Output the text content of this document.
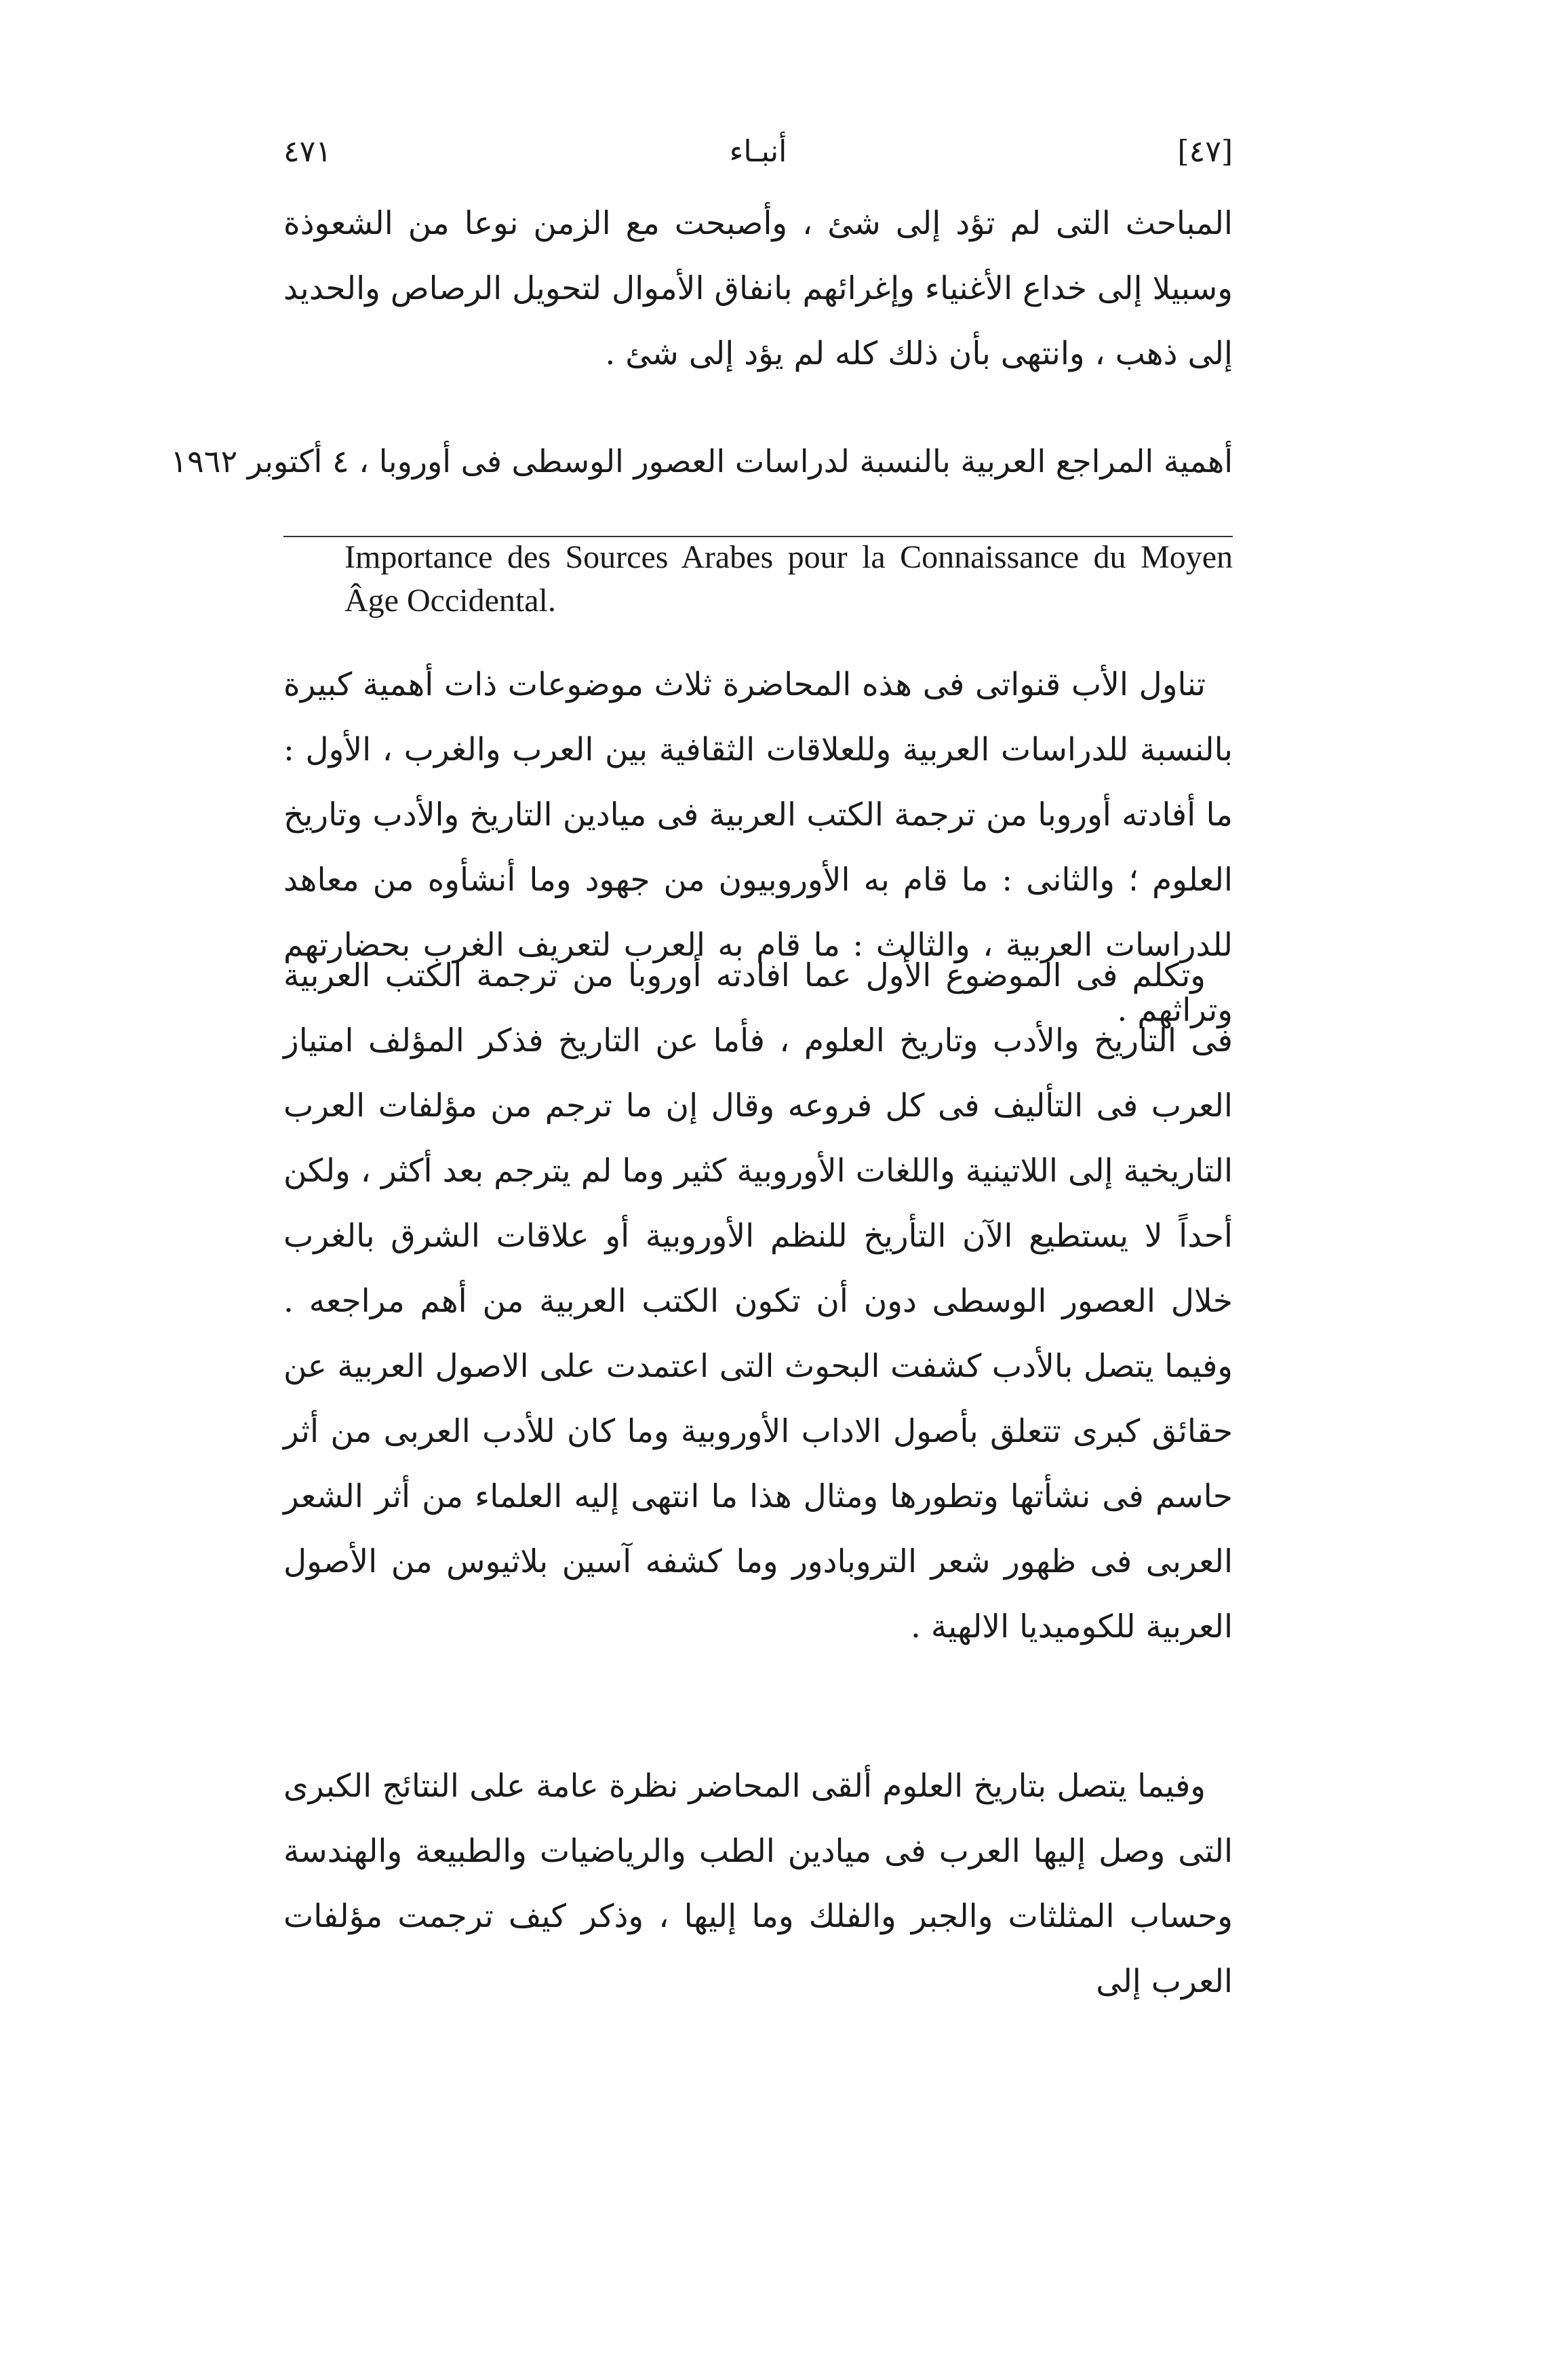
٤٧١	أنبـاء	[٤٧]

المباحث التى لم تؤد إلى شئ ، وأصبحت مع الزمن نوعا من الشعوذة وسبيلا إلى خداع الأغنياء وإغرائهم بانفاق الأموال لتحويل الرصاص والحديد إلى ذهب ، وانتهى بأن ذلك كله لم يؤد إلى شئ .

أهمية المراجع العربية بالنسبة لدراسات العصور الوسطى فى أوروبا ، ٤ أكتوبر ١٩٦٢

Importance des Sources Arabes pour la Connaissance du Moyen Âge Occidental.

تناول الأب قنواتى فى هذه المحاضرة ثلاث موضوعات ذات أهمية كبيرة بالنسبة للدراسات العربية وللعلاقات الثقافية بين العرب والغرب ، الأول : ما أفادته أوروبا من ترجمة الكتب العربية فى ميادين التاريخ والأدب وتاريخ العلوم ؛ والثانى : ما قام به الأوروبيون من جهود وما أنشأوه من معاهد للدراسات العربية ، والثالث : ما قام به العرب لتعريف الغرب بحضارتهم وتراثهم .

وتكلم فى الموضوع الأول عما افادته أوروبا من ترجمة الكتب العربية فى التاريخ والأدب وتاريخ العلوم ، فأما عن التاريخ فذكر المؤلف امتياز العرب فى التأليف فى كل فروعه وقال إن ما ترجم من مؤلفات العرب التاريخية إلى اللاتينية واللغات الأوروبية كثير وما لم يترجم بعد أكثر ، ولكن أحداً لا يستطيع الآن التأريخ للنظم الأوروبية أو علاقات الشرق بالغرب خلال العصور الوسطى دون أن تكون الكتب العربية من أهم مراجعه . وفيما يتصل بالأدب كشفت البحوث التى اعتمدت على الاصول العربية عن حقائق كبرى تتعلق بأصول الاداب الأوروبية وما كان للأدب العربى من أثر حاسم فى نشأتها وتطورها ومثال هذا ما انتهى إليه العلماء من أثر الشعر العربى فى ظهور شعر التروبادور وما كشفه آسين بلاثيوس من الأصول العربية للكوميديا الالهية .

وفيما يتصل بتاريخ العلوم ألقى المحاضر نظرة عامة على النتائج الكبرى التى وصل إليها العرب فى ميادين الطب والرياضيات والطبيعة والهندسة وحساب المثلثات والجبر والفلك وما إليها ، وذكر كيف ترجمت مؤلفات العرب إلى
